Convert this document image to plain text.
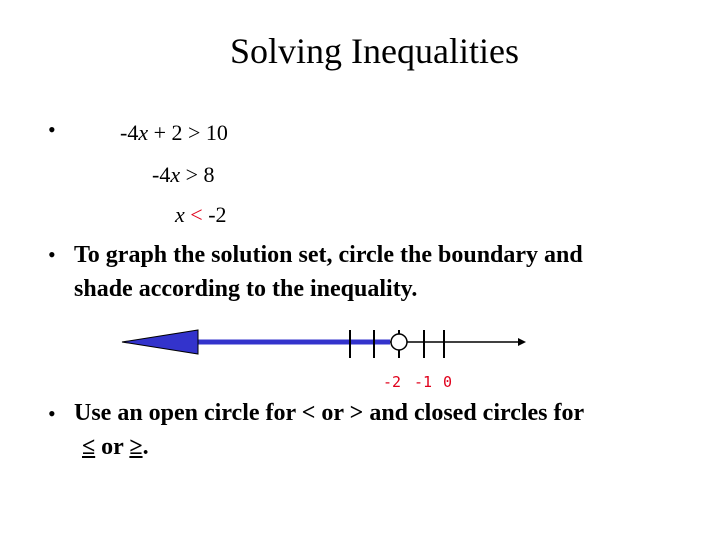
Solving Inequalities
•	-4x + 2 > 10
-4x > 8
x < -2
• To graph the solution set, circle the boundary and
shade according to the inequality.
-2 -1 0
• Use an open circle for < or > and closed circles for
≤ or ≥.
